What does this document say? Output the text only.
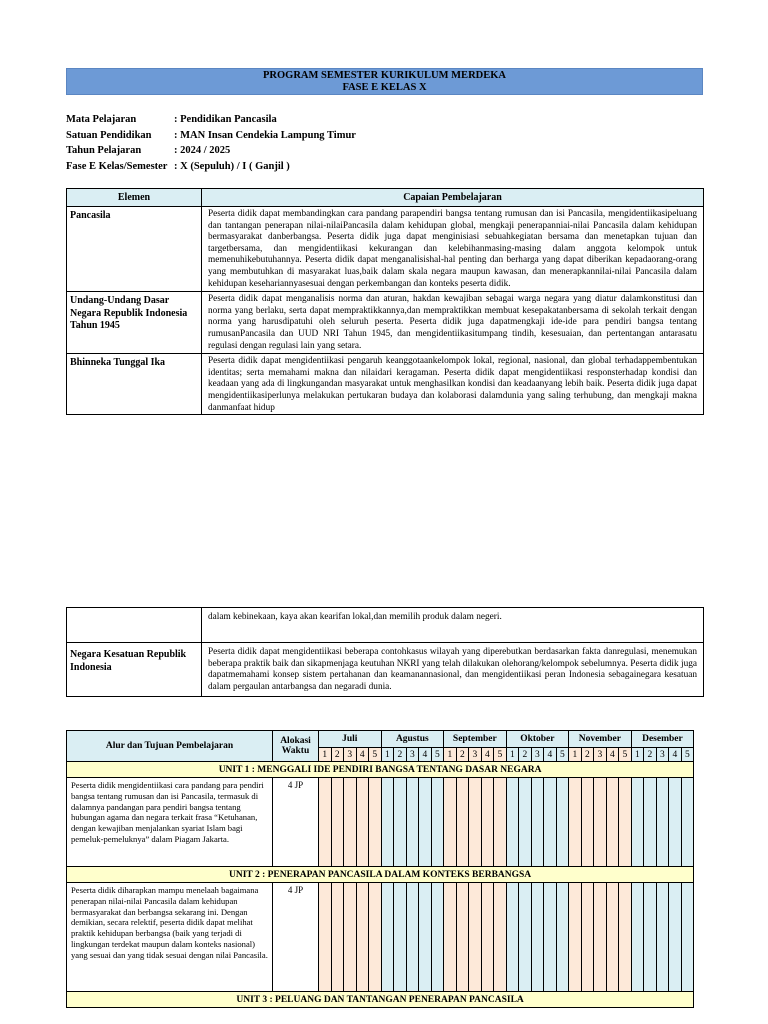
PROGRAM SEMESTER KURIKULUM MERDEKA
FASE E KELAS X
Mata Pelajaran	: Pendidikan Pancasila
Satuan Pendidikan	: MAN Insan Cendekia Lampung Timur
Tahun Pelajaran	: 2024 / 2025
Fase E Kelas/Semester : X (Sepuluh) / I ( Ganjil )
Elemen	Capaian Pembelajaran
Pancasila	Peserta didik dapat membandingkan cara pandang parapendiri bangsa tentang rumusan dan isi Pancasila, mengidentiikasipeluang dan tantangan penerapan nilai-nilaiPancasila dalam kehidupan global, mengkaji penerapanniai-nilai Pancasila dalam kehidupan bermasyarakat danberbangsa. Peserta didik juga dapat menginisiasi sebuahkegiatan bersama dan menetapkan tujuan dan targetbersama, dan mengidentiikasi kekurangan dan kelebihanmasing-masing dalam anggota kelompok untuk memenuhikebutuhannya. Peserta didik dapat menganalisishal-hal penting dan berharga yang dapat diberikan kepadaorang-orang yang membutuhkan di masyarakat luas,baik dalam skala negara maupun kawasan, dan menerapkannilai-nilai Pancasila dalam kehidupan kesehariannyasesuai dengan perkembangan dan konteks peserta didik.
Undang-Undang Dasar Negara Republik Indonesia Tahun 1945	Peserta didik dapat menganalisis norma dan aturan, hakdan kewajiban sebagai warga negara yang diatur dalamkonstitusi dan norma yang berlaku, serta dapat mempraktikkannya,dan mempraktikkan membuat kesepakatanbersama di sekolah terkait dengan norma yang harusdipatuhi oleh seluruh peserta. Peserta didik juga dapatmengkaji ide-ide para pendiri bangsa tentang rumusanPancasila dan UUD NRI Tahun 1945, dan mengidentiikasitumpang tindih, kesesuaian, dan pertentangan antarasatu regulasi dengan regulasi lain yang setara.
Bhinneka Tunggal Ika	Peserta didik dapat mengidentiikasi pengaruh keanggotaankelompok lokal, regional, nasional, dan global terhadappembentukan identitas; serta memahami makna dan nilaidari keragaman. Peserta didik dapat mengidentiikasi responsterhadap kondisi dan keadaan yang ada di lingkungandan masyarakat untuk menghasilkan kondisi dan keadaanyang lebih baik. Peserta didik juga dapat mengidentiikasiperlunya melakukan pertukaran budaya dan kolaborasi dalamdunia yang saling terhubung, dan mengkaji makna danmanfaat hidup
	dalam kebinekaan, kaya akan kearifan lokal,dan memilih produk dalam negeri.
Negara Kesatuan Republik Indonesia	Peserta didik dapat mengidentiikasi beberapa contohkasus wilayah yang diperebutkan berdasarkan fakta danregulasi, menemukan beberapa praktik baik dan sikapmenjaga keutuhan NKRI yang telah dilakukan olehorang/kelompok sebelumnya. Peserta didik juga dapatmemahami konsep sistem pertahanan dan keamanannasional, dan mengidentiikasi peran Indonesia sebagainegara kesatuan dalam pergaulan antarbangsa dan negaradi dunia.
Alur dan Tujuan Pembelajaran	Alokasi
Waktu	Juli					Agustus					September					Oktober					November					Desember				
		1	2	3	4	5	1	2	3	4	5	1	2	3	4	5	1	2	3	4	5	1	2	3	4	5	1	2	3	4	5
UNIT 1 : MENGGALI IDE PENDIRI BANGSA TENTANG DASAR NEGARA																															
Peserta didik mengidentiikasi cara pandang para pendiri bangsa tentang rumusan dan isi Pancasila, termasuk di dalamnya pandangan para pendiri bangsa tentang hubungan agama dan negara terkait frasa “Ketuhanan, dengan kewajiban menjalankan syariat Islam bagi pemeluk-pemeluknya” dalam Piagam Jakarta.	4 JP																														
UNIT 2 : PENERAPAN PANCASILA DALAM KONTEKS BERBANGSA																															
Peserta didik diharapkan mampu menelaah bagaimana penerapan nilai-nilai Pancasila dalam kehidupan bermasyarakat dan berbangsa sekarang ini. Dengan demikian, secara relektif, peserta didik dapat melihat praktik kehidupan berbangsa (baik yang terjadi di lingkungan terdekat maupun dalam konteks nasional) yang sesuai dan yang tidak sesuai dengan nilai Pancasila.	4 JP																														
UNIT 3 : PELUANG DAN TANTANGAN PENERAPAN PANCASILA																															
